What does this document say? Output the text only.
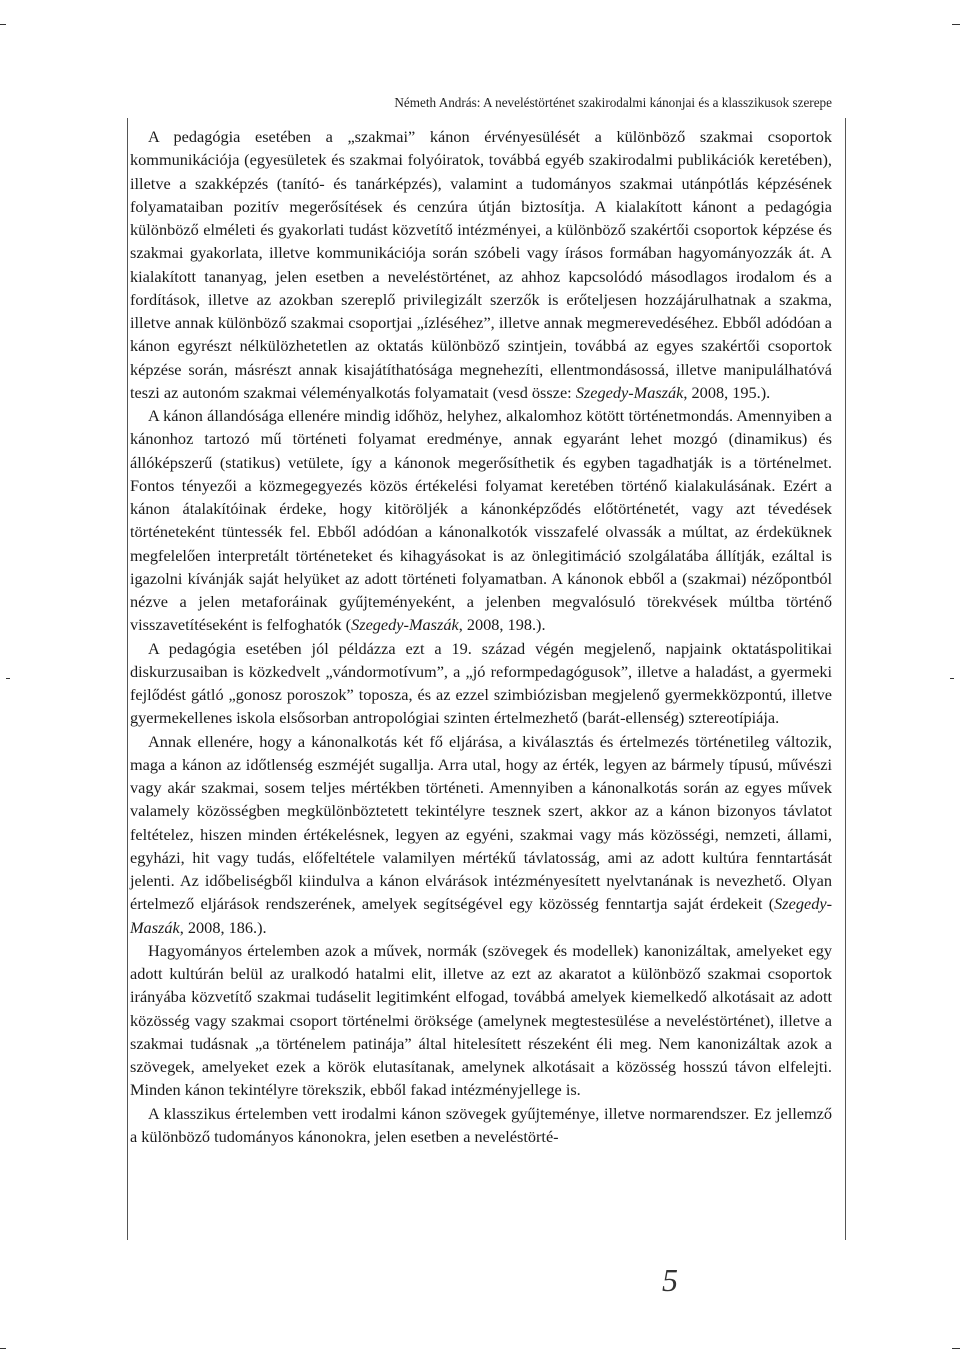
Németh András: A neveléstörténet szakirodalmi kánonjai és a klasszikusok szerepe

A pedagógia esetében a „szakmai” kánon érvényesülését a különböző szakmai csoportok kommunikációja (egyesületek és szakmai folyóiratok, továbbá egyéb szakirodalmi publikációk keretében), illetve a szakképzés (tanító- és tanárképzés), valamint a tudományos szakmai utánpótlás képzésének folyamataiban pozitív megerősítések és cenzúra útján biztosítja. A kialakított kánont a pedagógia különböző elméleti és gyakorlati tudást közvetítő intézményei, a különböző szakértői csoportok képzése és szakmai gyakorlata, illetve kommunikációja során szóbeli vagy írásos formában hagyományozzák át. A kialakított tananyag, jelen esetben a neveléstörténet, az ahhoz kapcsolódó másodlagos irodalom és a fordítások, illetve az azokban szereplő privilegizált szerzők is erőteljesen hozzájárulhatnak a szakma, illetve annak különböző szakmai csoportjai „ízléséhez”, illetve annak megmerevedéséhez. Ebből adódóan a kánon egyrészt nélkülözhetetlen az oktatás különböző szintjein, továbbá az egyes szakértői csoportok képzése során, másrészt annak kisajátíthatósága megnehezíti, ellentmondásossá, illetve manipulálhatóvá teszi az autonóm szakmai véleményalkotás folyamatait (vesd össze: Szegedy-Maszák, 2008, 195.).

A kánon állandósága ellenére mindig időhöz, helyhez, alkalomhoz kötött történetmondás. Amennyiben a kánonhoz tartozó mű történeti folyamat eredménye, annak egyaránt lehet mozgó (dinamikus) és állóképszerű (statikus) vetülete, így a kánonok megerősíthetik és egyben tagadhatják is a történelmet. Fontos tényezői a közmegegyezés közös értékelési folyamat keretében történő kialakulásának. Ezért a kánon átalakítóinak érdeke, hogy kitöröljék a kánonképződés előtörténetét, vagy azt tévedések történeteként tüntessék fel. Ebből adódóan a kánonalkotók visszafelé olvassák a múltat, az érdeküknek megfelelően interpretált történeteket és kihagyásokat is az önlegitimáció szolgálatába állítják, ezáltal is igazolni kívánják saját helyüket az adott történeti folyamatban. A kánonok ebből a (szakmai) nézőpontból nézve a jelen metaforáinak gyűjteményeként, a jelenben megvalósuló törekvések múltba történő visszavetítéseként is felfoghatók (Szegedy-Maszák, 2008, 198.).

A pedagógia esetében jól példázza ezt a 19. század végén megjelenő, napjaink oktatáspolitikai diskurzusaiban is közkedvelt „vándormotívum”, a „jó reformpedagógusok”, illetve a haladást, a gyermeki fejlődést gátló „gonosz poroszok” toposza, és az ezzel szimbiózisban megjelenő gyermekközpontú, illetve gyermekellenes iskola elsősorban antropológiai szinten értelmezhető (barát-ellenség) sztereotípiája.

Annak ellenére, hogy a kánonalkotás két fő eljárása, a kiválasztás és értelmezés történetileg változik, maga a kánon az időtlenség eszméjét sugallja. Arra utal, hogy az érték, legyen az bármely típusú, művészi vagy akár szakmai, sosem teljes mértékben történeti. Amennyiben a kánonalkotás során az egyes művek valamely közösségben megkülönböztetett tekintélyre tesznek szert, akkor az a kánon bizonyos távlatot feltételez, hiszen minden értékelésnek, legyen az egyéni, szakmai vagy más közösségi, nemzeti, állami, egyházi, hit vagy tudás, előfeltétele valamilyen mértékű távlatosság, ami az adott kultúra fenntartását jelenti. Az időbeliségből kiindulva a kánon elvárások intézményesített nyelvtanának is nevezhető. Olyan értelmező eljárások rendszerének, amelyek segítségével egy közösség fenntartja saját érdekeit (Szegedy-Maszák, 2008, 186.).

Hagyományos értelemben azok a művek, normák (szövegek és modellek) kanonizáltak, amelyeket egy adott kultúrán belül az uralkodó hatalmi elit, illetve az ezt az akaratot a különböző szakmai csoportok irányába közvetítő szakmai tudáselit legitimként elfogad, továbbá amelyek kiemelkedő alkotásait az adott közösség vagy szakmai csoport történelmi öröksége (amelynek megtestesülése a neveléstörténet), illetve a szakmai tudásnak „a történelem patinája” által hitelesített részeként éli meg. Nem kanonizáltak azok a szövegek, amelyeket ezek a körök elutasítanak, amelynek alkotásait a közösség hosszú távon elfelejti. Minden kánon tekintélyre törekszik, ebből fakad intézményjellege is.

A klasszikus értelemben vett irodalmi kánon szövegek gyűjteménye, illetve normarendszer. Ez jellemző a különböző tudományos kánonokra, jelen esetben a neveléstörté-

5
